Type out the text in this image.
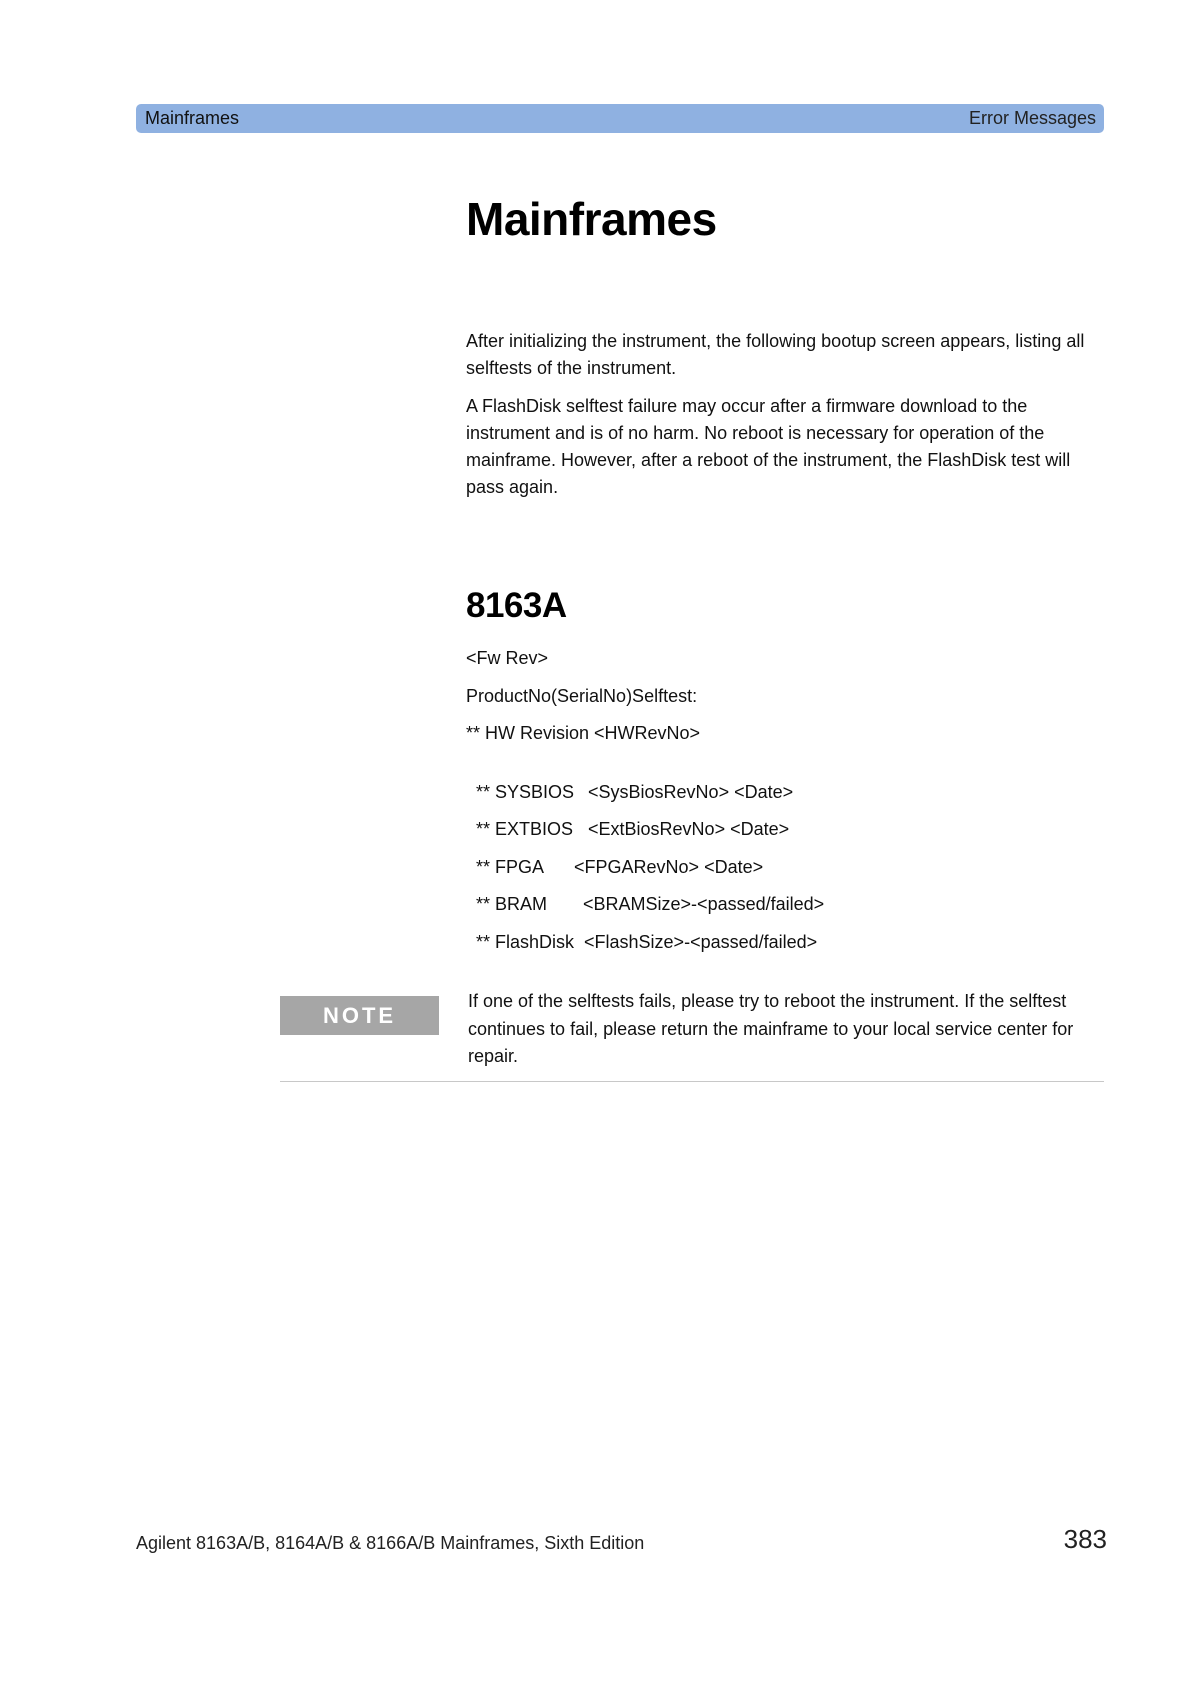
Mainframes	Error Messages
Mainframes

After initializing the instrument, the following bootup screen appears, listing all selftests of the instrument.

A FlashDisk selftest failure may occur after a firmware download to the instrument and is of no harm. No reboot is necessary for operation of the mainframe. However, after a reboot of the instrument, the FlashDisk test will pass again.

8163A
<Fw Rev>
ProductNo(SerialNo)Selftest:
** HW Revision <HWRevNo>

** SYSBIOS <SysBiosRevNo> <Date>

** EXTBIOS <ExtBiosRevNo> <Date>

** FPGA <FPGARevNo> <Date>

** BRAM <BRAMSize>-<passed/failed>

** FlashDisk <FlashSize>-<passed/failed>

NOTE

If one of the selftests fails, please try to reboot the instrument. If the selftest continues to fail, please return the mainframe to your local service center for repair.

Agilent 8163A/B, 8164A/B & 8166A/B Mainframes, Sixth Edition	383
